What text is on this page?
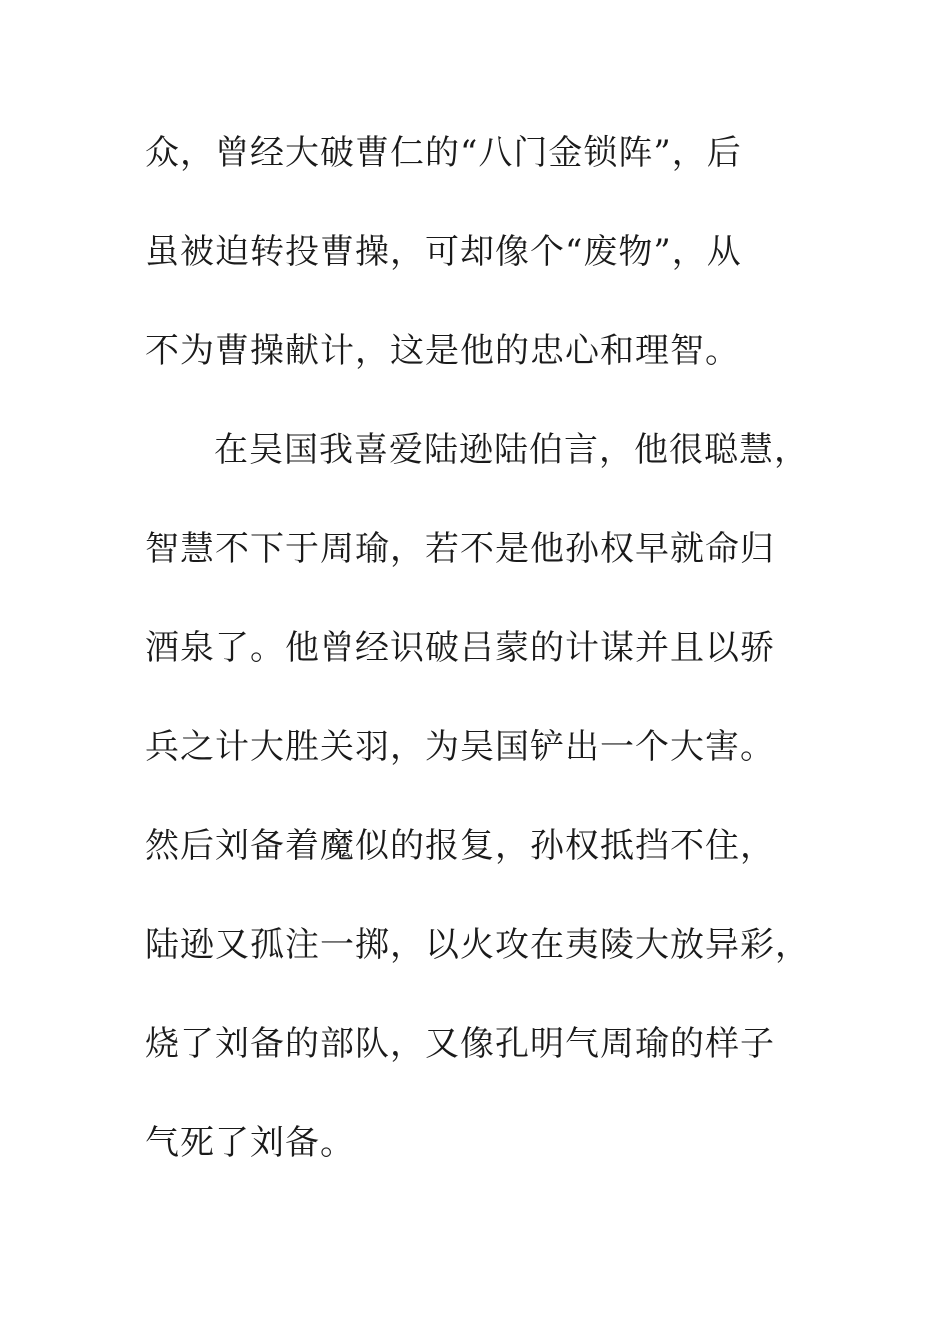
众，曾经大破曹仁的“八门金锁阵”，后
虽被迫转投曹操，可却像个“废物”，从
不为曹操献计，这是他的忠心和理智。
在吴国我喜爱陆逊陆伯言，他很聪慧，
智慧不下于周瑜，若不是他孙权早就命归
酒泉了。他曾经识破吕蒙的计谋并且以骄
兵之计大胜关羽，为吴国铲出一个大害。
然后刘备着魔似的报复，孙权抵挡不住，
陆逊又孤注一掷，以火攻在夷陵大放异彩，
烧了刘备的部队，又像孔明气周瑜的样子
气死了刘备。
